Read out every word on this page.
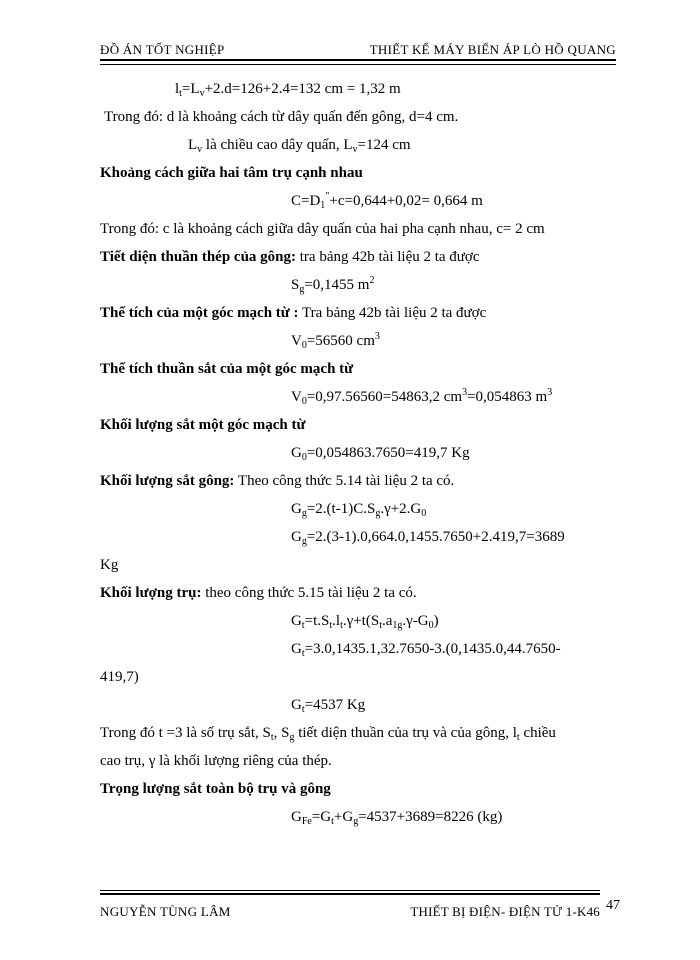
ĐỒ ÁN TỐT NGHIỆP	THIẾT KẾ MÁY BIẾN ÁP LÒ HỒ QUANG
$l_t=L_v+2.d=126+2.4=132$ cm = 1,32 m
Trong đó: d là khoảng cách từ dây quấn đến gông, d=4 cm.
$L_v$ là chiều cao dây quấn, $L_v=124$ cm
Khoảng cách giữa hai tâm trụ cạnh nhau
$C=D_1^"+c=0,644+0,02= 0,664$ m
Trong đó: c là khoảng cách giữa dây quấn của hai pha cạnh nhau, c= 2 cm
Tiết diện thuần thép của gông: tra bảng 42b tài liệu 2 ta được
$S_g=0,1455$ $m^2$
Thể tích của một góc mạch từ : Tra bảng 42b tài liệu 2 ta được
$V_0=56560$ $cm^3$
Thể tích thuần sắt của một góc mạch từ
$V_0=0,97.56560=54863,2$ $cm^3=0,054863$ $m^3$
Khối lượng sắt một góc mạch từ
$G_0=0,054863.7650=419,7$ Kg
Khối lượng sắt gông: Theo công thức 5.14 tài liệu 2 ta có.
$G_g=2.(t-1)C.S_g.\gamma+2.G_0$
$G_g=2.(3-1).0,664.0,1455.7650+2.419,7=3689$
Kg
Khối lượng trụ: theo công thức 5.15 tài liệu 2 ta có.
$G_t=t.S_t.l_t.\gamma+t(S_t.a_{1g}.\gamma-G_0)$
$G_t=3.0,1435.1,32.7650-3.(0,1435.0,44.7650-$
419,7)
$G_t=4537$ Kg
Trong đó t =3 là số trụ sắt, $S_t$, $S_g$ tiết diện thuần của trụ và của gông, $l_t$ chiều
cao trụ, γ là khối lượng riêng của thép.
Trọng lượng sắt toàn bộ trụ và gông
$G_{Fe}=G_t+G_g=4537+3689=8226$ (kg)
NGUYỄN TÙNG LÂM	THIẾT BỊ ĐIỆN- ĐIỆN TỬ 1-K46 47
